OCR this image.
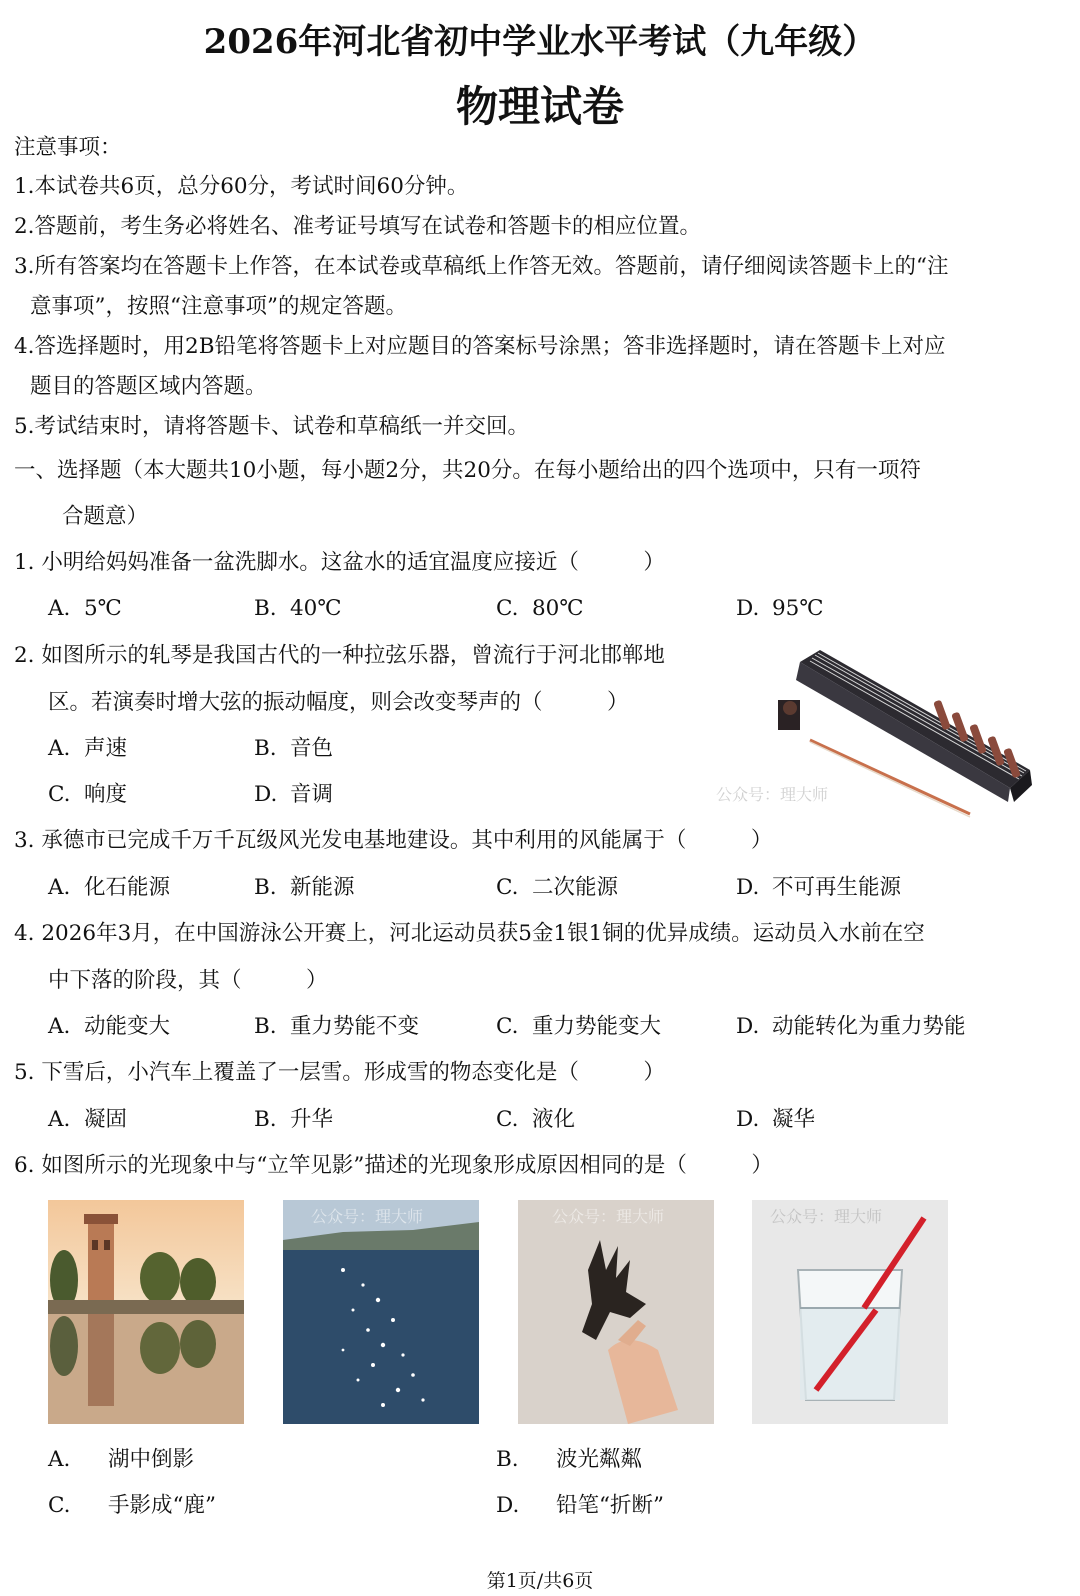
2026年河北省初中学业水平考试（九年级）
物理试卷
注意事项：
1.本试卷共6页，总分60分，考试时间60分钟。
2.答题前，考生务必将姓名、准考证号填写在试卷和答题卡的相应位置。
3.所有答案均在答题卡上作答，在本试卷或草稿纸上作答无效。答题前，请仔细阅读答题卡上的“注
意事项”，按照“注意事项”的规定答题。
4.答选择题时，用2B铅笔将答题卡上对应题目的答案标号涂黑；答非选择题时，请在答题卡上对应
题目的答题区域内答题。
5.考试结束时，请将答题卡、试卷和草稿纸一并交回。
一、选择题（本大题共10小题，每小题2分，共20分。在每小题给出的四个选项中，只有一项符
合题意）
1. 小明给妈妈准备一盆洗脚水。这盆水的适宜温度应接近（　　　）
A. 5℃	B. 40℃	C. 80℃	D. 95℃
2. 如图所示的轧琴是我国古代的一种拉弦乐器，曾流行于河北邯郸地
区。若演奏时增大弦的振动幅度，则会改变琴声的（　　　）
A. 声速	B. 音色
C. 响度	D. 音调	公众号：理大师
3. 承德市已完成千万千瓦级风光发电基地建设。其中利用的风能属于（　　　）
A. 化石能源	B. 新能源	C. 二次能源	D. 不可再生能源
4. 2026年3月，在中国游泳公开赛上，河北运动员获5金1银1铜的优异成绩。运动员入水前在空
中下落的阶段，其（　　　）
A. 动能变大	B. 重力势能不变	C. 重力势能变大	D. 动能转化为重力势能
5. 下雪后，小汽车上覆盖了一层雪。形成雪的物态变化是（　　　）
A. 凝固	B. 升华	C. 液化	D. 凝华
6. 如图所示的光现象中与“立竿见影”描述的光现象形成原因相同的是（　　　）
公众号：理大师	公众号：理大师	公众号：理大师
A. 湖中倒影	B. 波光粼粼
C. 手影成“鹿”	D. 铅笔“折断”
第1页/共6页
